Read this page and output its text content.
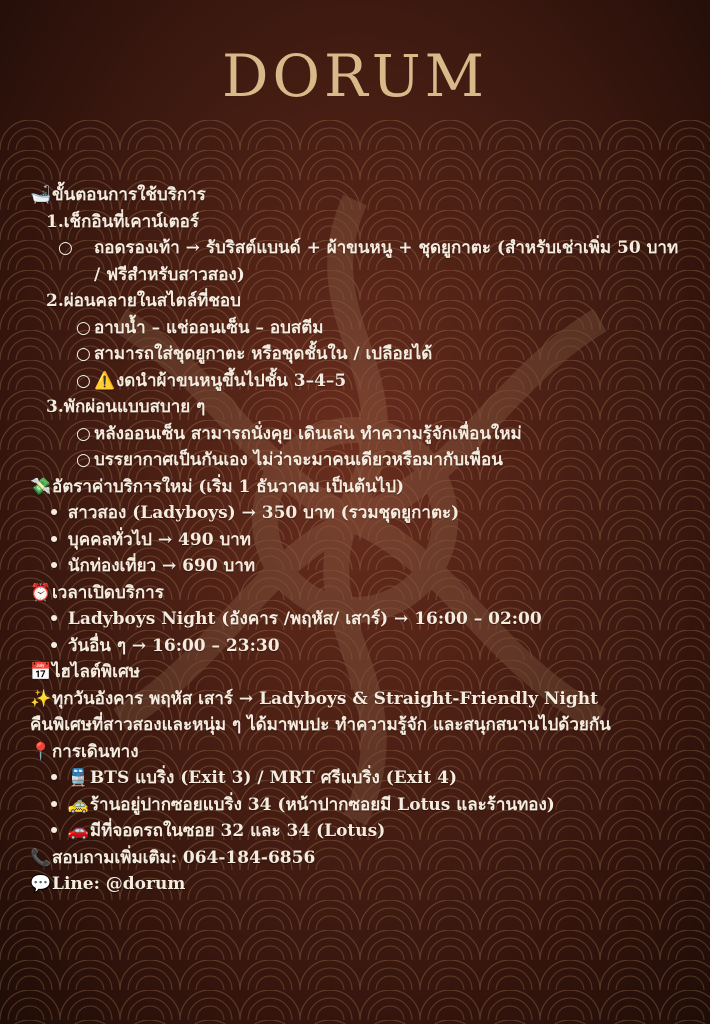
DORUM
🛁ขั้นตอนการใช้บริการ
1.เช็กอินที่เคาน์เตอร์
○ ถอดรองเท้า → รับริสต์แบนด์ + ผ้าขนหนู + ชุดยูกาตะ (สำหรับเช่าเพิ่ม 50 บาท / ฟรีสำหรับสาวสอง)
2.ผ่อนคลายในสไตล์ที่ชอบ
○ อาบน้ำ – แช่ออนเซ็น – อบสตีม
○ สามารถใส่ชุดยูกาตะ หรือชุดชั้นใน / เปลือยได้
○ ⚠️งดนำผ้าขนหนูขึ้นไปชั้น 3–4–5
3.พักผ่อนแบบสบาย ๆ
○ หลังออนเซ็น สามารถนั่งคุย เดินเล่น ทำความรู้จักเพื่อนใหม่
○ บรรยากาศเป็นกันเอง ไม่ว่าจะมาคนเดียวหรือมากับเพื่อน
💸อัตราค่าบริการใหม่ (เริ่ม 1 ธันวาคม เป็นต้นไป)
• สาวสอง (Ladyboys) → 350 บาท (รวมชุดยูกาตะ)
• บุคคลทั่วไป → 490 บาท
• นักท่องเที่ยว → 690 บาท
⏰เวลาเปิดบริการ
• Ladyboys Night (อังคาร /พฤหัส/ เสาร์) → 16:00 – 02:00
• วันอื่น ๆ → 16:00 – 23:30
📅ไฮไลต์พิเศษ
✨ทุกวันอังคาร พฤหัส เสาร์ → Ladyboys & Straight-Friendly Night
คืนพิเศษที่สาวสองและหนุ่ม ๆ ได้มาพบปะ ทำความรู้จัก และสนุกสนานไปด้วยกัน
📍การเดินทาง
• 🚆BTS แบริ่ง (Exit 3) / MRT ศรีแบริ่ง (Exit 4)
• 🚕ร้านอยู่ปากซอยแบริ่ง 34 (หน้าปากซอยมี Lotus และร้านทอง)
• 🚗มีที่จอดรถในซอย 32 และ 34 (Lotus)
📞สอบถามเพิ่มเติม: 064-184-6856
💬Line: @dorum
